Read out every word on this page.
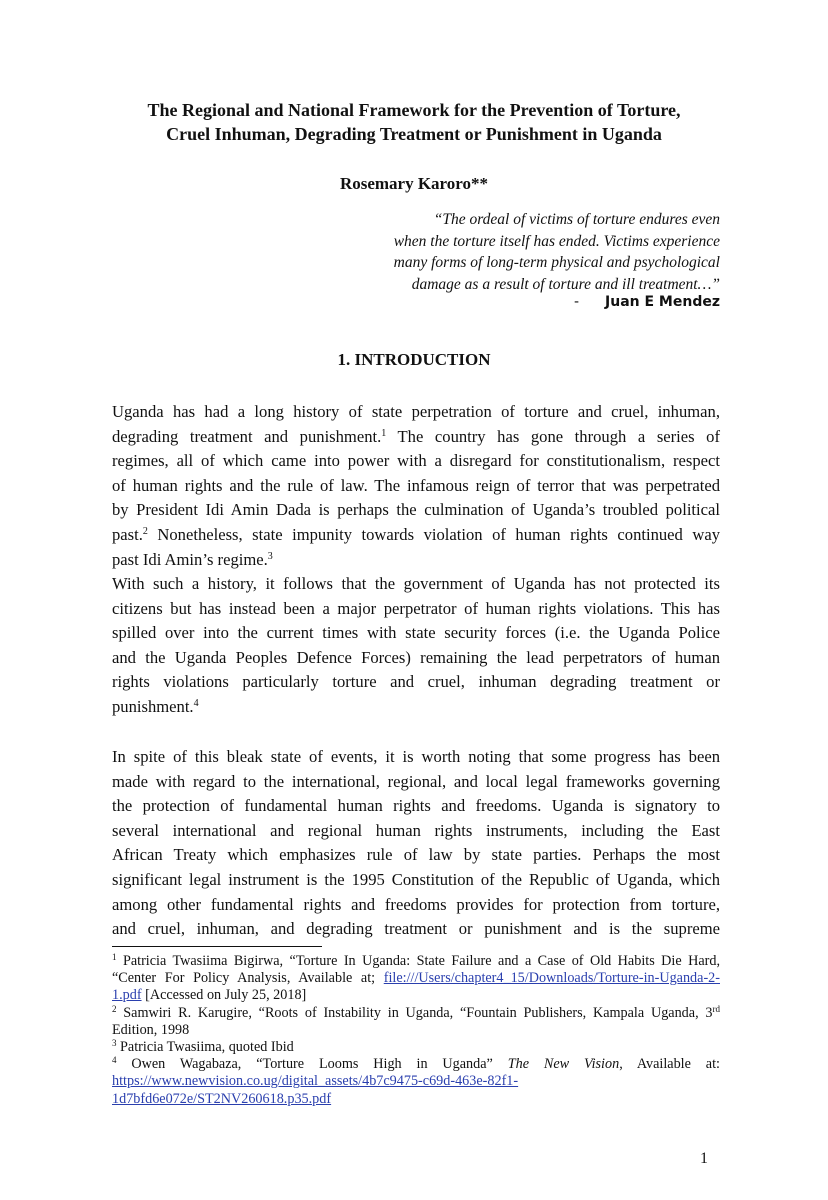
The Regional and National Framework for the Prevention of Torture,
Cruel Inhuman, Degrading Treatment or Punishment in Uganda
Rosemary Karoro**
“The ordeal of victims of torture endures even
when the torture itself has ended. Victims experience
many forms of long-term physical and psychological
damage as a result of torture and ill treatment…”
- Juan E Mendez
1. INTRODUCTION
Uganda has had a long history of state perpetration of torture and cruel, inhuman,
degrading treatment and punishment.$^1$ The country has gone through a series of
regimes, all of which came into power with a disregard for constitutionalism, respect
of human rights and the rule of law. The infamous reign of terror that was perpetrated
by President Idi Amin Dada is perhaps the culmination of Uganda’s troubled political
past.$^2$ Nonetheless, state impunity towards violation of human rights continued way
past Idi Amin’s regime.$^3$
With such a history, it follows that the government of Uganda has not protected its
citizens but has instead been a major perpetrator of human rights violations. This has
spilled over into the current times with state security forces (i.e. the Uganda Police
and the Uganda Peoples Defence Forces) remaining the lead perpetrators of human
rights violations particularly torture and cruel, inhuman degrading treatment or
punishment.$^4$
In spite of this bleak state of events, it is worth noting that some progress has been
made with regard to the international, regional, and local legal frameworks governing
the protection of fundamental human rights and freedoms. Uganda is signatory to
several international and regional human rights instruments, including the East
African Treaty which emphasizes rule of law by state parties. Perhaps the most
significant legal instrument is the 1995 Constitution of the Republic of Uganda, which
among other fundamental rights and freedoms provides for protection from torture,
and cruel, inhuman, and degrading treatment or punishment and is the supreme
$^1$ Patricia Twasiima Bigirwa, “Torture In Uganda: State Failure and a Case of Old Habits Die Hard,
“Center For Policy Analysis, Available at; file:///Users/chapter4_15/Downloads/Torture-in-Uganda-2-
1.pdf [Accessed on July 25, 2018]
$^2$ Samwiri R. Karugire, “Roots of Instability in Uganda, “Fountain Publishers, Kampala Uganda, 3rd
Edition, 1998
$^3$ Patricia Twasiima, quoted Ibid
$^4$ Owen Wagabaza, “Torture Looms High in Uganda” The New Vision, Available at:
https://www.newvision.co.ug/digital_assets/4b7c9475-c69d-463e-82f1-
1d7bfd6e072e/ST2NV260618.p35.pdf
1
